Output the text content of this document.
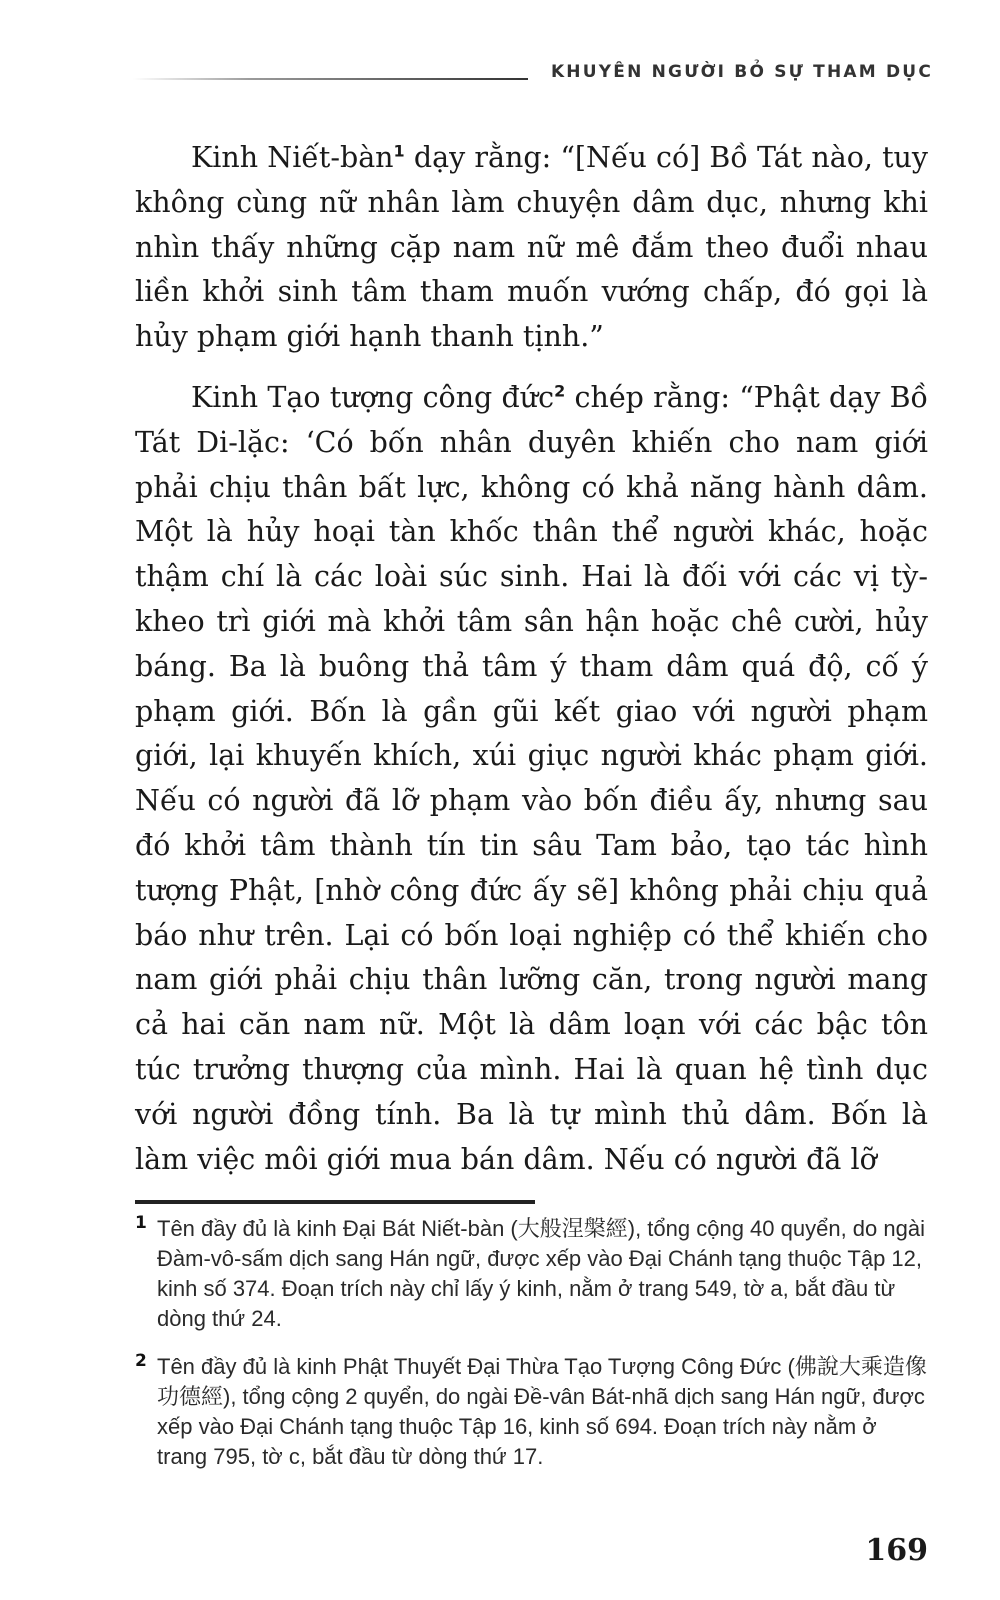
KHUYÊN NGƯỜI BỎ SỰ THAM DỤC

Kinh Niết-bàn$^1$ dạy rằng: “[Nếu có] Bồ Tát nào, tuy không cùng nữ nhân làm chuyện dâm dục, nhưng khi nhìn thấy những cặp nam nữ mê đắm theo đuổi nhau liền khởi sinh tâm tham muốn vướng chấp, đó gọi là hủy phạm giới hạnh thanh tịnh.”

Kinh Tạo tượng công đức$^2$ chép rằng: “Phật dạy Bồ Tát Di-lặc: ‘Có bốn nhân duyên khiến cho nam giới phải chịu thân bất lực, không có khả năng hành dâm. Một là hủy hoại tàn khốc thân thể người khác, hoặc thậm chí là các loài súc sinh. Hai là đối với các vị tỳ-kheo trì giới mà khởi tâm sân hận hoặc chê cười, hủy báng. Ba là buông thả tâm ý tham dâm quá độ, cố ý phạm giới. Bốn là gần gũi kết giao với người phạm giới, lại khuyến khích, xúi giục người khác phạm giới. Nếu có người đã lỡ phạm vào bốn điều ấy, nhưng sau đó khởi tâm thành tín tin sâu Tam bảo, tạo tác hình tượng Phật, [nhờ công đức ấy sẽ] không phải chịu quả báo như trên. Lại có bốn loại nghiệp có thể khiến cho nam giới phải chịu thân lưỡng căn, trong người mang cả hai căn nam nữ. Một là dâm loạn với các bậc tôn túc trưởng thượng của mình. Hai là quan hệ tình dục với người đồng tính. Ba là tự mình thủ dâm. Bốn là làm việc môi giới mua bán dâm. Nếu có người đã lỡ

1 Tên đầy đủ là kinh Đại Bát Niết-bàn (大般涅槃經), tổng cộng 40 quyển, do ngài Đàm-vô-sấm dịch sang Hán ngữ, được xếp vào Đại Chánh tạng thuộc Tập 12, kinh số 374. Đoạn trích này chỉ lấy ý kinh, nằm ở trang 549, tờ a, bắt đầu từ dòng thứ 24.
2 Tên đầy đủ là kinh Phật Thuyết Đại Thừa Tạo Tượng Công Đức (佛說大乘造像功德經), tổng cộng 2 quyển, do ngài Đề-vân Bát-nhã dịch sang Hán ngữ, được xếp vào Đại Chánh tạng thuộc Tập 16, kinh số 694. Đoạn trích này nằm ở trang 795, tờ c, bắt đầu từ dòng thứ 17.
169
